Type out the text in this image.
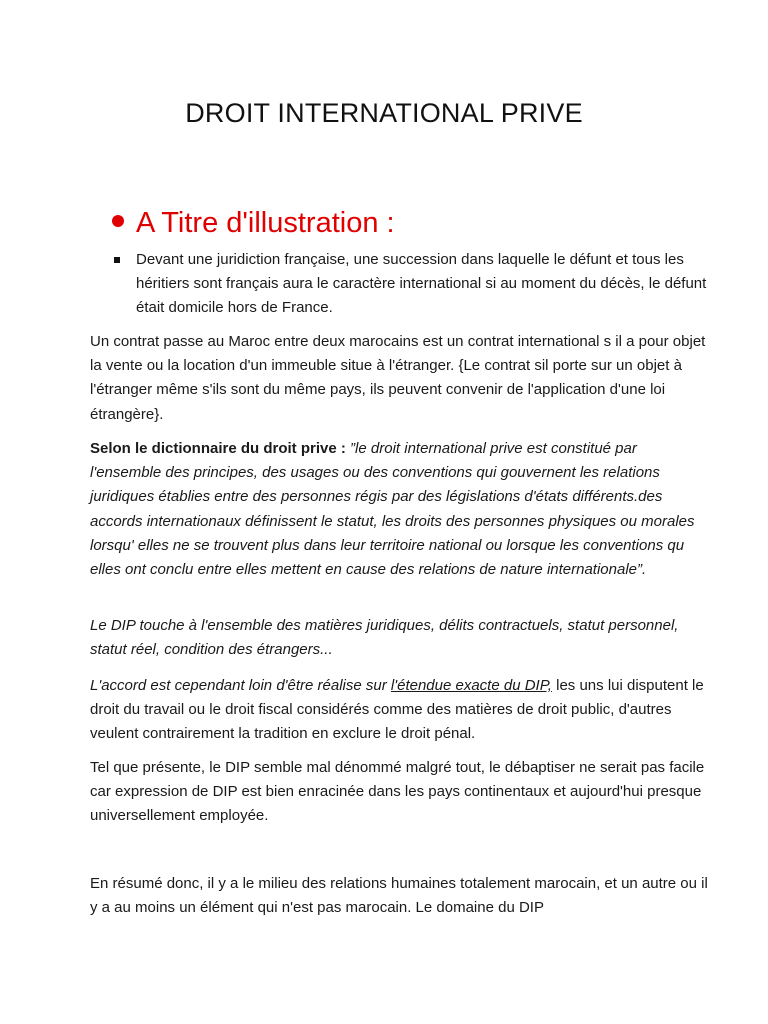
DROIT INTERNATIONAL PRIVE
A Titre d'illustration :
Devant une juridiction française, une succession dans laquelle le défunt et tous les héritiers sont français aura le caractère international si au moment du décès, le défunt était domicile hors de France.
Un contrat passe au Maroc entre deux marocains est un contrat international s il a pour objet la vente ou la location d'un immeuble situe à l'étranger. {Le contrat sil porte sur un objet à l'étranger même s'ils sont du même pays, ils peuvent convenir de l'application d'une loi étrangère}.
Selon le dictionnaire du droit prive : ”le droit international prive est constitué par l'ensemble des principes, des usages ou des conventions qui gouvernent les relations juridiques établies entre des personnes régis par des législations d'états différents.des accords internationaux définissent le statut, les droits des personnes physiques ou morales lorsqu' elles ne se trouvent plus dans leur territoire national ou lorsque les conventions qu elles ont conclu entre elles mettent en cause des relations de nature internationale”.
Le DIP touche à l'ensemble des matières juridiques, délits contractuels, statut personnel, statut réel, condition des étrangers...
L'accord est cependant loin d'être réalise sur l'étendue exacte du DIP, les uns lui disputent le droit du travail ou le droit fiscal considérés comme des matières de droit public, d'autres veulent contrairement la tradition en exclure le droit pénal.
Tel que présente, le DIP semble mal dénommé malgré tout, le débaptiser ne serait pas facile car expression de DIP est bien enracinée dans les pays continentaux et aujourd'hui presque universellement employée.
En résumé donc, il y a le milieu des relations humaines totalement marocain, et un autre ou il y a au moins un élément qui n'est pas marocain. Le domaine du DIP
